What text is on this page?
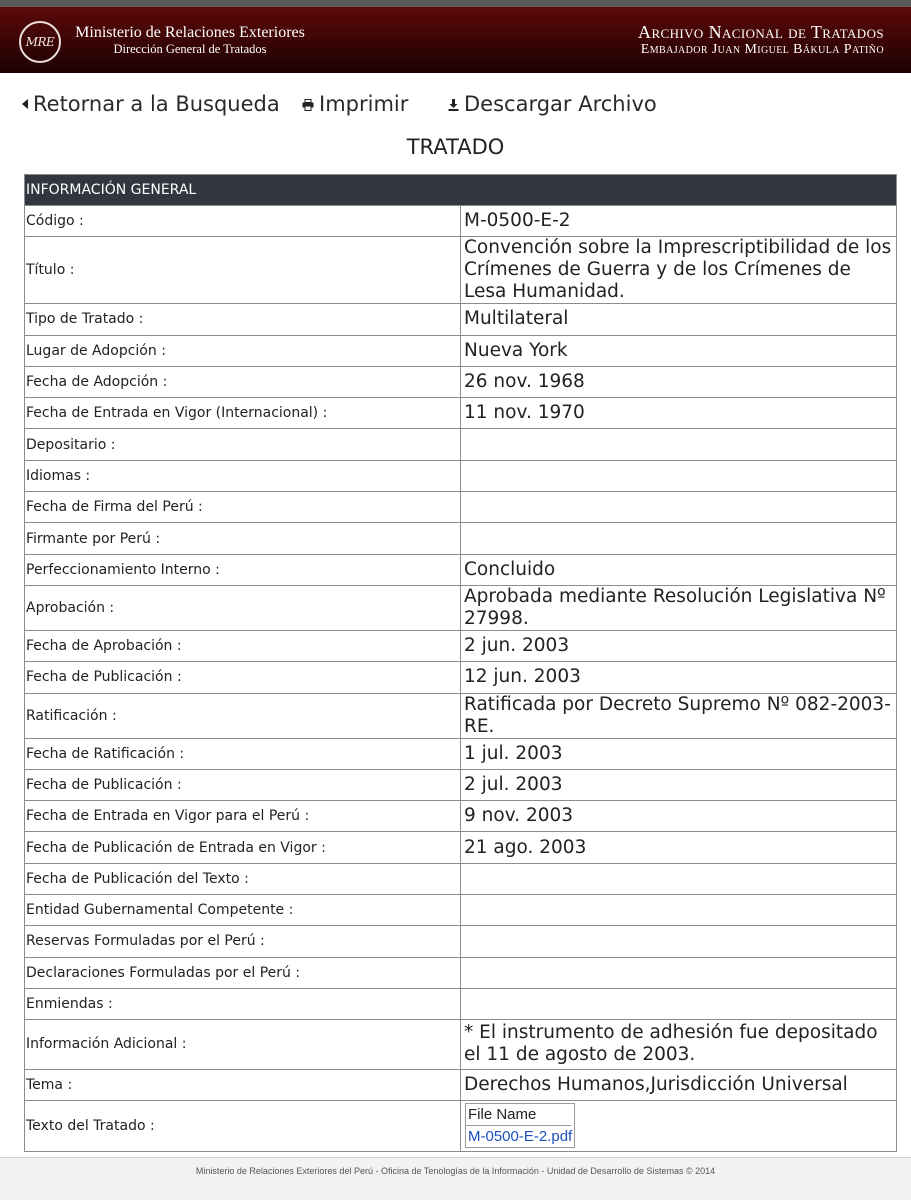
MRE
Ministerio de Relaciones Exteriores
Dirección General de Tratados
Archivo Nacional de Tratados
Embajador Juan Miguel Bákula Patiño
Retornar a la Busqueda Imprimir	Descargar Archivo
TRATADO
INFORMACIÓN GENERAL	
Código :	M-0500-E-2
Título :	Convención sobre la Imprescriptibilidad de los Crímenes de Guerra y de los Crímenes de Lesa Humanidad.
Tipo de Tratado :	Multilateral
Lugar de Adopción :	Nueva York
Fecha de Adopción :	26 nov. 1968
Fecha de Entrada en Vigor (Internacional) :	11 nov. 1970
Depositario :	
Idiomas :	
Fecha de Firma del Perú :	
Firmante por Perú :	
Perfeccionamiento Interno :	Concluido
Aprobación :	Aprobada mediante Resolución Legislativa Nº 27998.
Fecha de Aprobación :	2 jun. 2003
Fecha de Publicación :	12 jun. 2003
Ratificación :	Ratificada por Decreto Supremo Nº 082-2003-RE.
Fecha de Ratificación :	1 jul. 2003
Fecha de Publicación :	2 jul. 2003
Fecha de Entrada en Vigor para el Perú :	9 nov. 2003
Fecha de Publicación de Entrada en Vigor :	21 ago. 2003
Fecha de Publicación del Texto :	
Entidad Gubernamental Competente :	
Reservas Formuladas por el Perú :	
Declaraciones Formuladas por el Perú :	
Enmiendas :	
Información Adicional :	* El instrumento de adhesión fue depositado el 11 de agosto de 2003.
Tema :	Derechos Humanos,Jurisdicción Universal
Texto del Tratado :	File Name
M-0500-E-2.pdf
Ministerio de Relaciones Exteriores del Perú - Oficina de Tenologías de la Información - Unidad de Desarrollo de Sistemas © 2014
